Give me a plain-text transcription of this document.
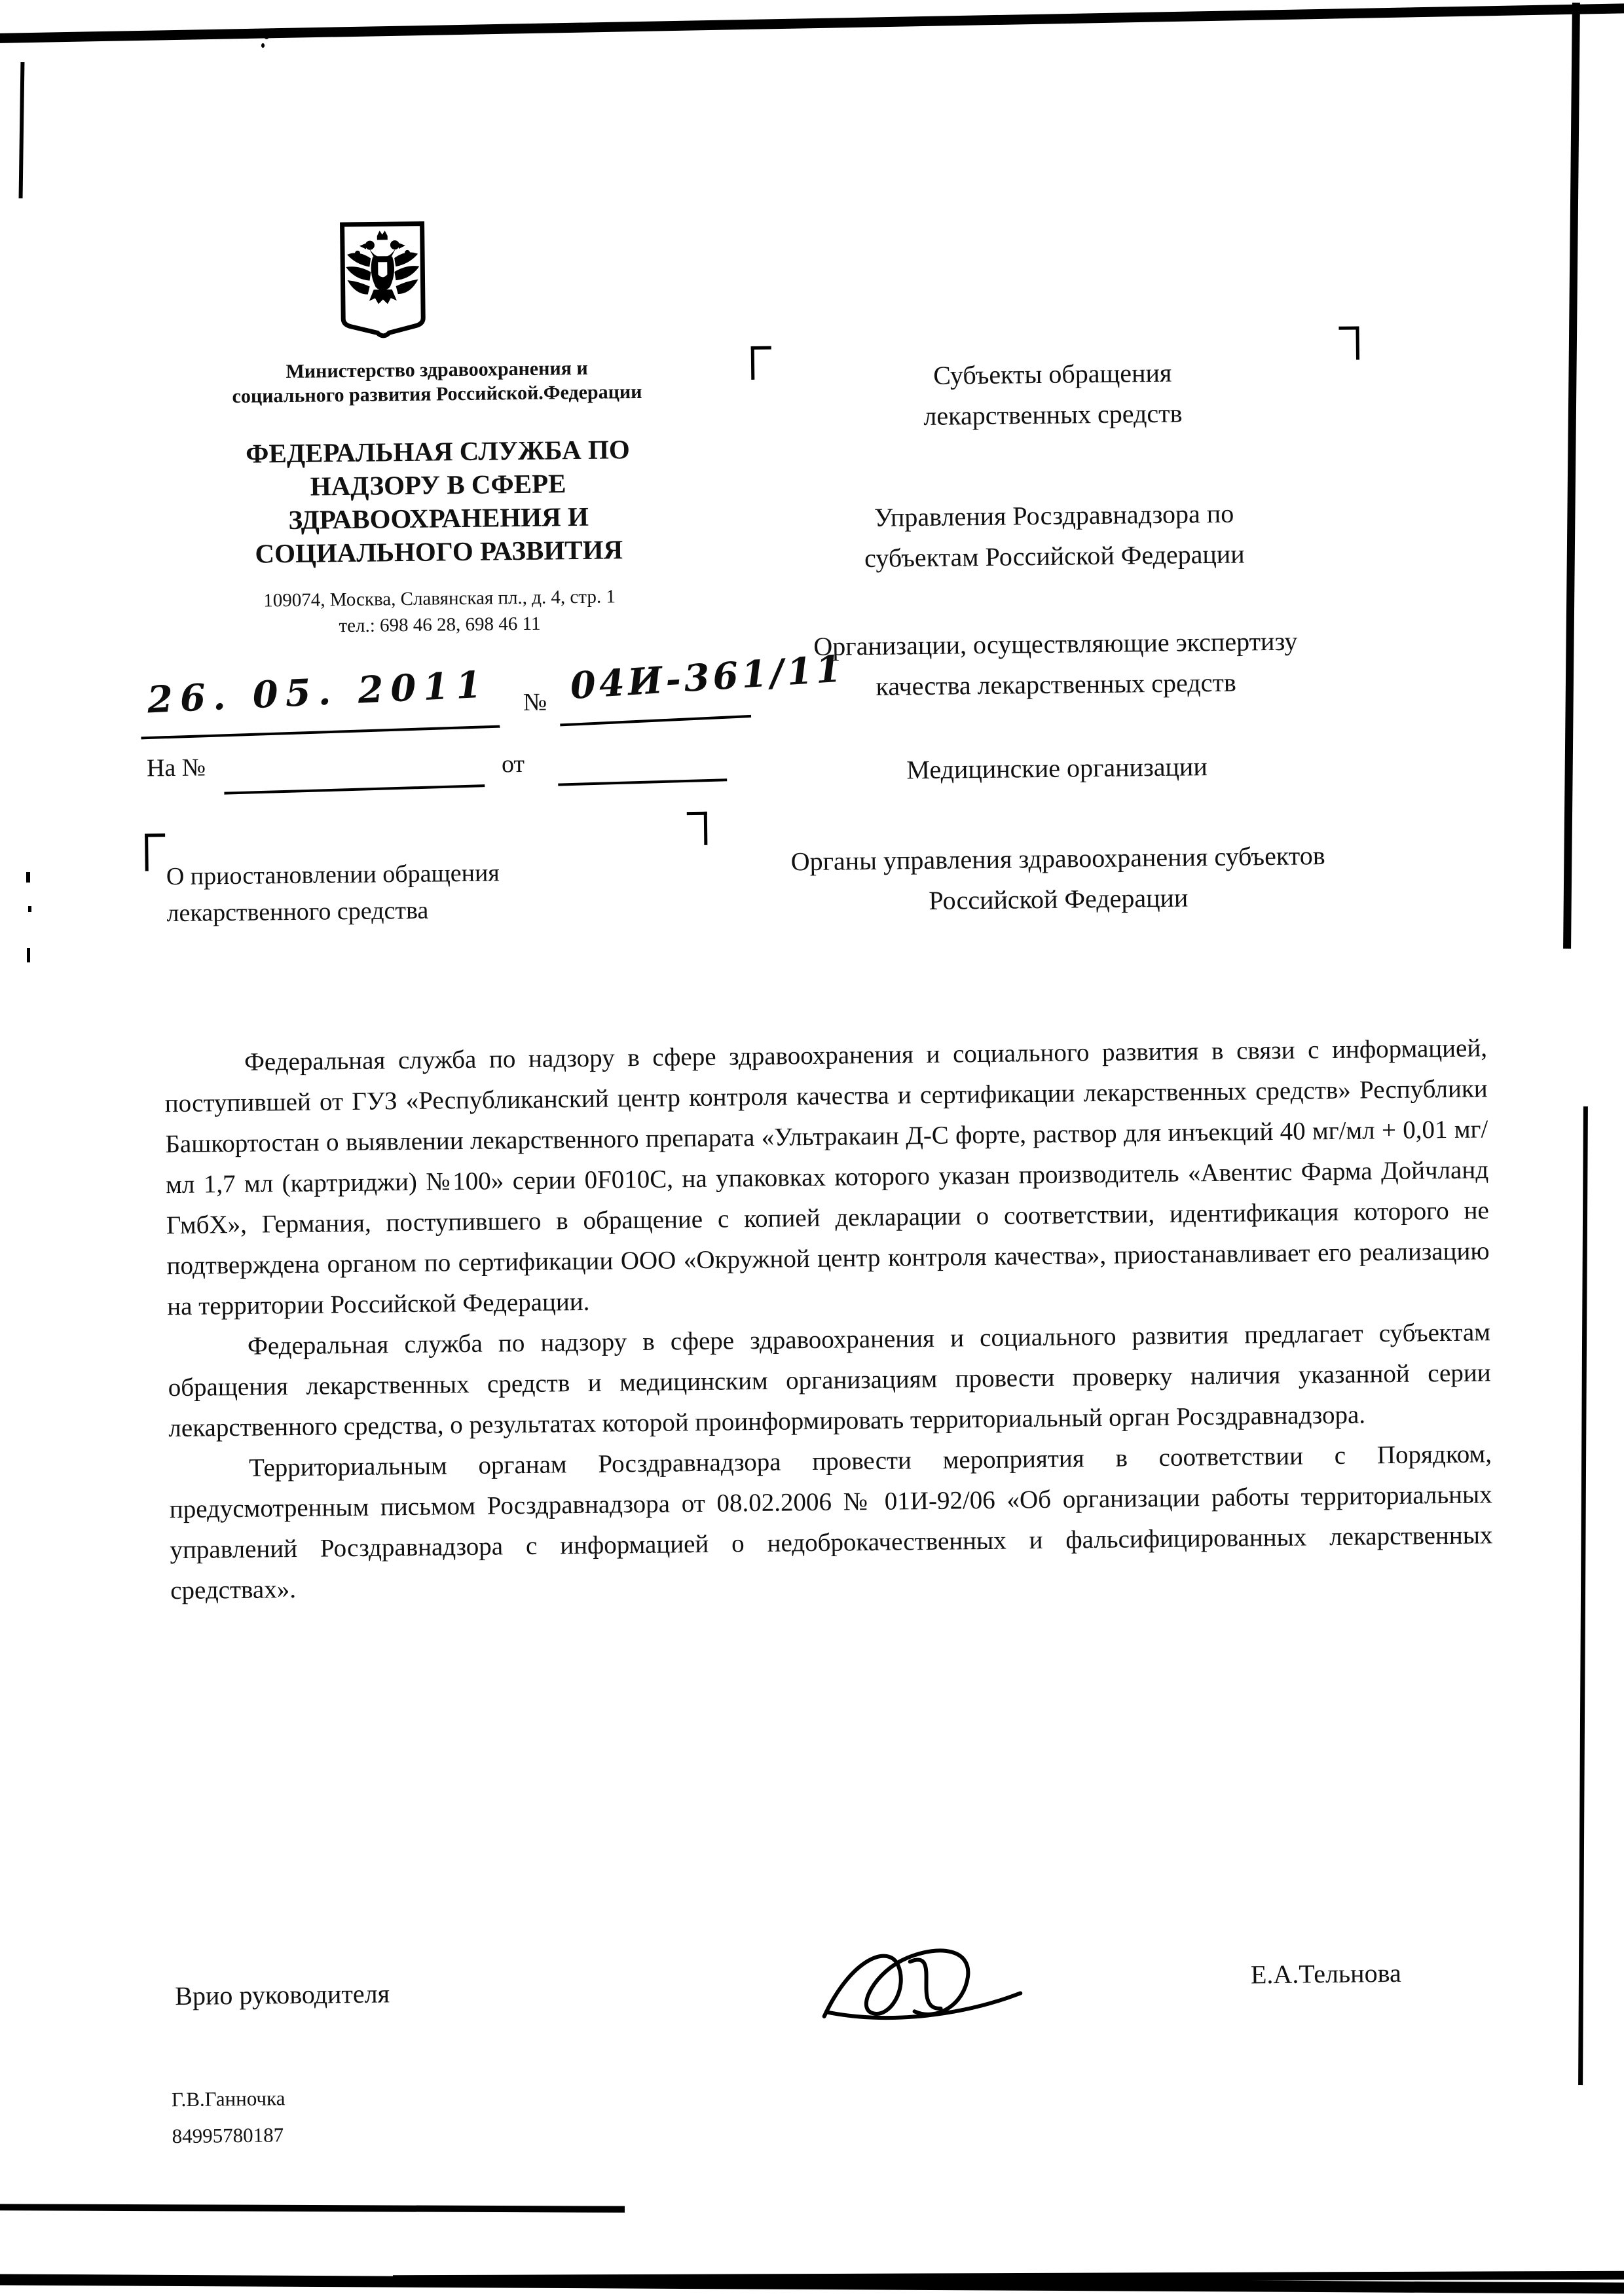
Министерство здравоохранения и социального развития Российской.Федерации
ФЕДЕРАЛЬНАЯ СЛУЖБА ПО НАДЗОРУ В СФЕРЕ ЗДРАВООХРАНЕНИЯ И СОЦИАЛЬНОГО РАЗВИТИЯ
109074, Москва, Славянская пл., д. 4, стр. 1
тел.: 698 46 28, 698 46 11
26. 05. 2011 № 04И-361/11
На №	от
О приостановлении обращения лекарственного средства
Субъекты обращения лекарственных средств
Управления Росздравнадзора по субъектам Российской Федерации
Организации, осуществляющие экспертизу качества лекарственных средств
Медицинские организации
Органы управления здравоохранения субъектов Российской Федерации

Федеральная служба по надзору в сфере здравоохранения и социального развития в связи с информацией, поступившей от ГУЗ «Республиканский центр контроля качества и сертификации лекарственных средств» Республики Башкортостан о выявлении лекарственного препарата «Ультракаин Д-С форте, раствор для инъекций 40 мг/мл + 0,01 мг/мл 1,7 мл (картриджи) №100» серии 0F010C, на упаковках которого указан производитель «Авентис Фарма Дойчланд ГмбХ», Германия, поступившего в обращение с копией декларации о соответствии, идентификация которого не подтверждена органом по сертификации ООО «Окружной центр контроля качества», приостанавливает его реализацию на территории Российской Федерации.

Федеральная служба по надзору в сфере здравоохранения и социального развития предлагает субъектам обращения лекарственных средств и медицинским организациям провести проверку наличия указанной серии лекарственного средства, о результатах которой проинформировать территориальный орган Росздравнадзора.

Территориальным органам Росздравнадзора провести мероприятия в соответствии с Порядком, предусмотренным письмом Росздравнадзора от 08.02.2006 № 01И-92/06 «Об организации работы территориальных управлений Росздравнадзора с информацией о недоброкачественных и фальсифицированных лекарственных средствах».

Врио руководителя
Е.А.Тельнова
Г.В.Ганночка
84995780187
